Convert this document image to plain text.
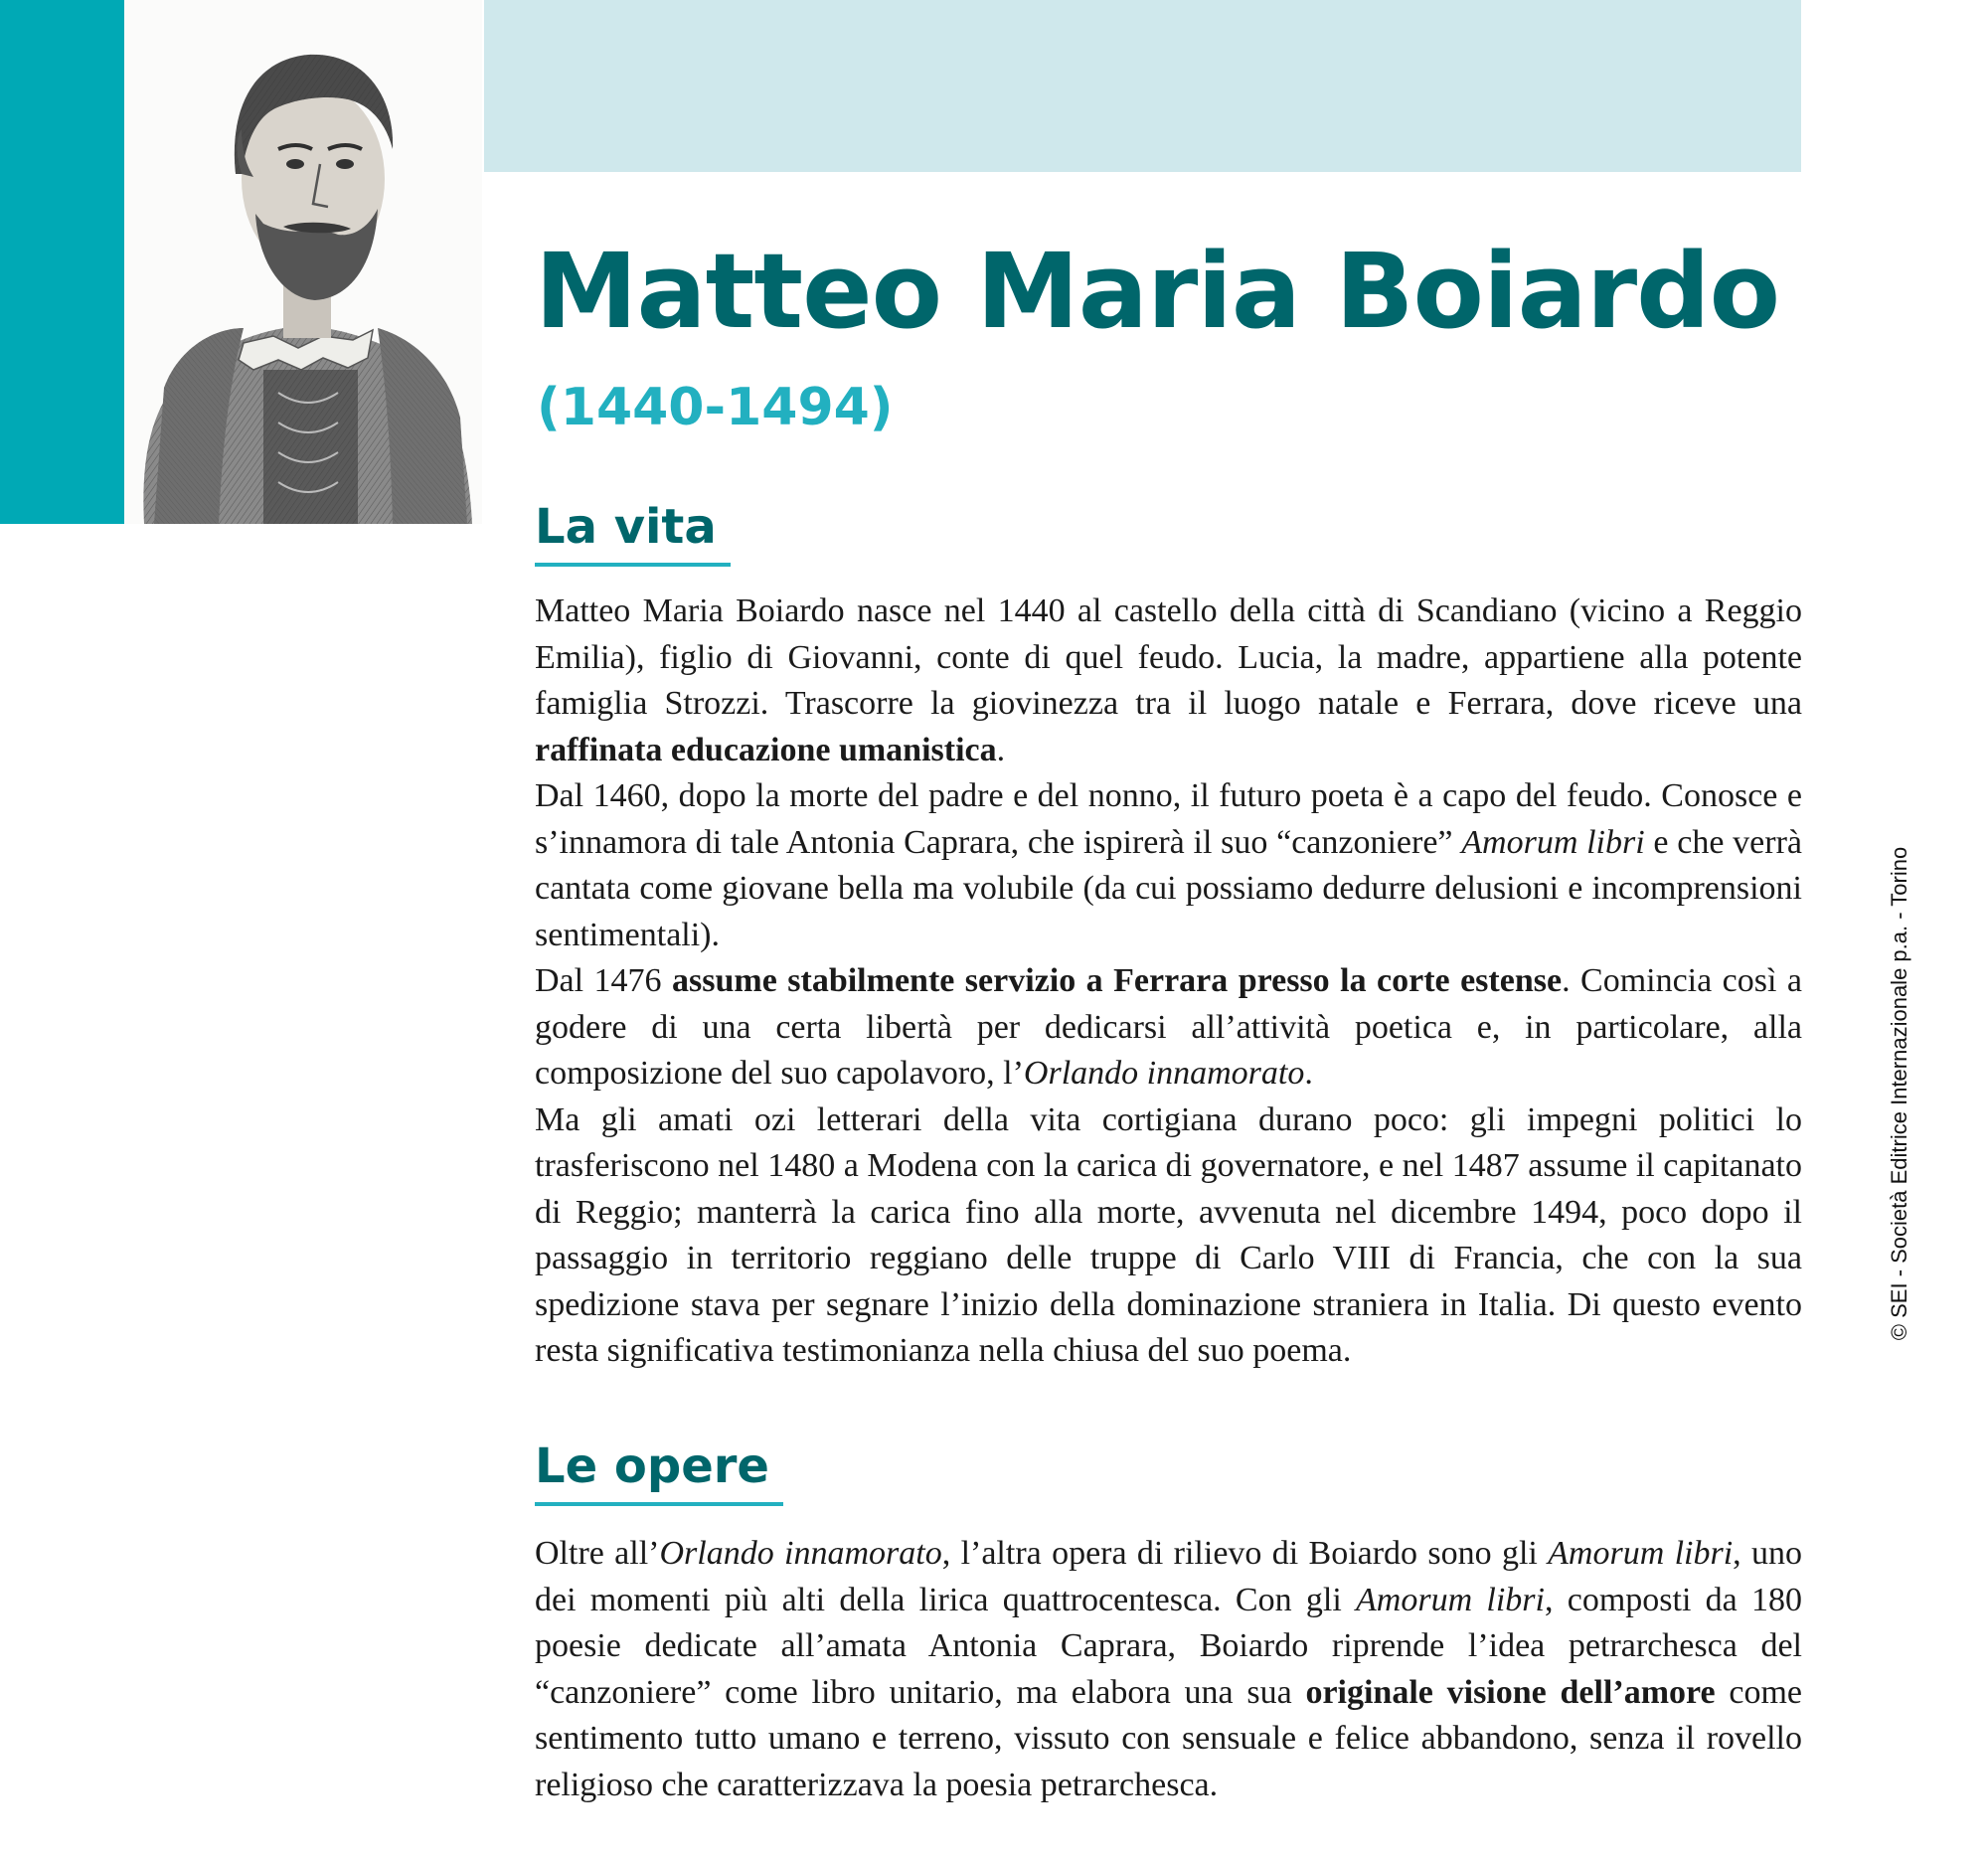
Matteo Maria Boiardo
(1440-1494)
La vita

Matteo Maria Boiardo nasce nel 1440 al castello della città di Scandiano (vicino a Reggio Emilia), figlio di Giovanni, conte di quel feudo. Lucia, la madre, appartiene alla potente famiglia Strozzi. Trascorre la giovinezza tra il luogo natale e Ferrara, dove riceve una raffinata educazione umanistica.

Dal 1460, dopo la morte del padre e del nonno, il futuro poeta è a capo del feudo. Conosce e s’innamora di tale Antonia Caprara, che ispirerà il suo “canzoniere” Amorum libri e che verrà cantata come giovane bella ma volubile (da cui possiamo dedurre delusioni e incomprensioni sentimentali).

Dal 1476 assume stabilmente servizio a Ferrara presso la corte estense. Comincia così a godere di una certa libertà per dedicarsi all’attività poetica e, in particolare, alla composizione del suo capolavoro, l’Orlando innamorato.

Ma gli amati ozi letterari della vita cortigiana durano poco: gli impegni politici lo trasferiscono nel 1480 a Modena con la carica di governatore, e nel 1487 assume il capitanato di Reggio; manterrà la carica fino alla morte, avvenuta nel dicembre 1494, poco dopo il passaggio in territorio reggiano delle truppe di Carlo VIII di Francia, che con la sua spedizione stava per segnare l’inizio della dominazione straniera in Italia. Di questo evento resta significativa testimonianza nella chiusa del suo poema.

Le opere

Oltre all’Orlando innamorato, l’altra opera di rilievo di Boiardo sono gli Amorum libri, uno dei momenti più alti della lirica quattrocentesca. Con gli Amorum libri, composti da 180 poesie dedicate all’amata Antonia Caprara, Boiardo riprende l’idea petrarchesca del “canzoniere” come libro unitario, ma elabora una sua originale visione dell’amore come sentimento tutto umano e terreno, vissuto con sensuale e felice abbandono, senza il rovello religioso che caratterizzava la poesia petrarchesca.

© SEI - Società Editrice Internazionale p.a. - Torino
